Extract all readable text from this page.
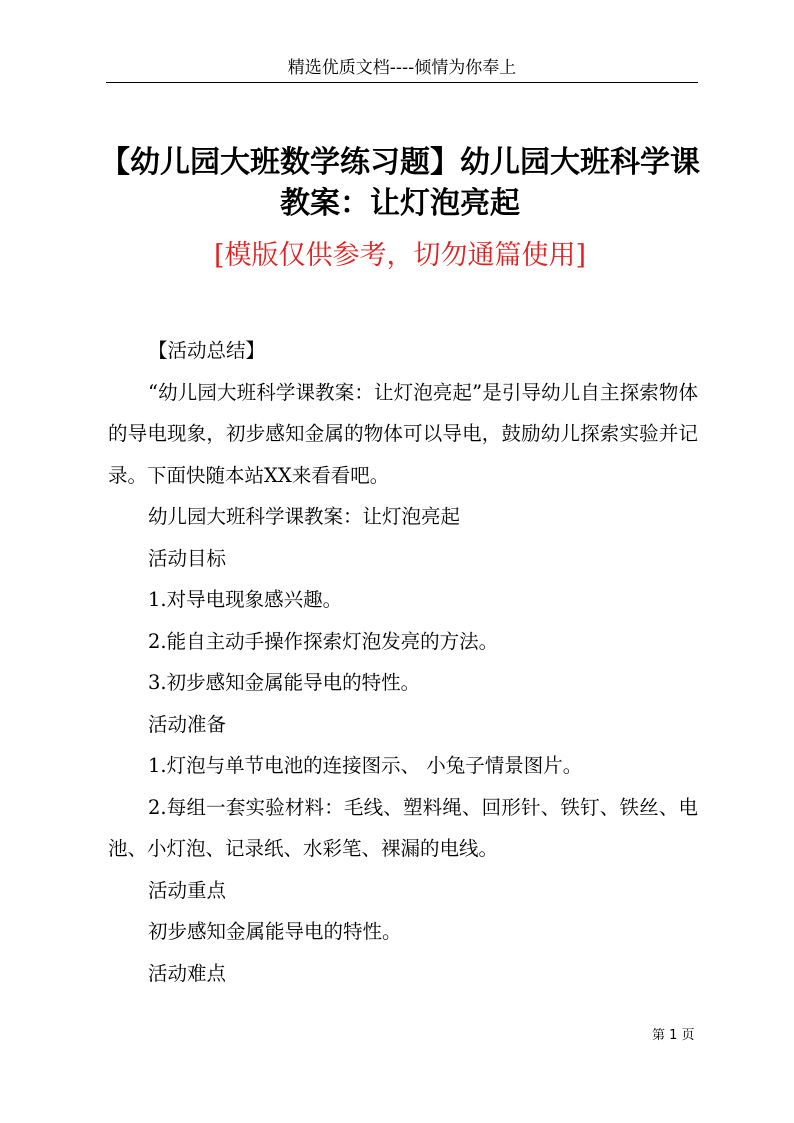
精选优质文档----倾情为你奉上
【幼儿园大班数学练习题】幼儿园大班科学课
教案：让灯泡亮起
[模版仅供参考，切勿通篇使用]

【活动总结】

“幼儿园大班科学课教案：让灯泡亮起”是引导幼儿自主探索物体的导电现象，初步感知金属的物体可以导电，鼓励幼儿探索实验并记录。下面快随本站XX来看看吧。

幼儿园大班科学课教案：让灯泡亮起

活动目标

1.对导电现象感兴趣。

2.能自主动手操作探索灯泡发亮的方法。

3.初步感知金属能导电的特性。

活动准备

1.灯泡与单节电池的连接图示、 小兔子情景图片。

2.每组一套实验材料：毛线、塑料绳、回形针、铁钉、铁丝、电池、小灯泡、记录纸、水彩笔、裸漏的电线。

活动重点

初步感知金属能导电的特性。

活动难点

第 1 页
